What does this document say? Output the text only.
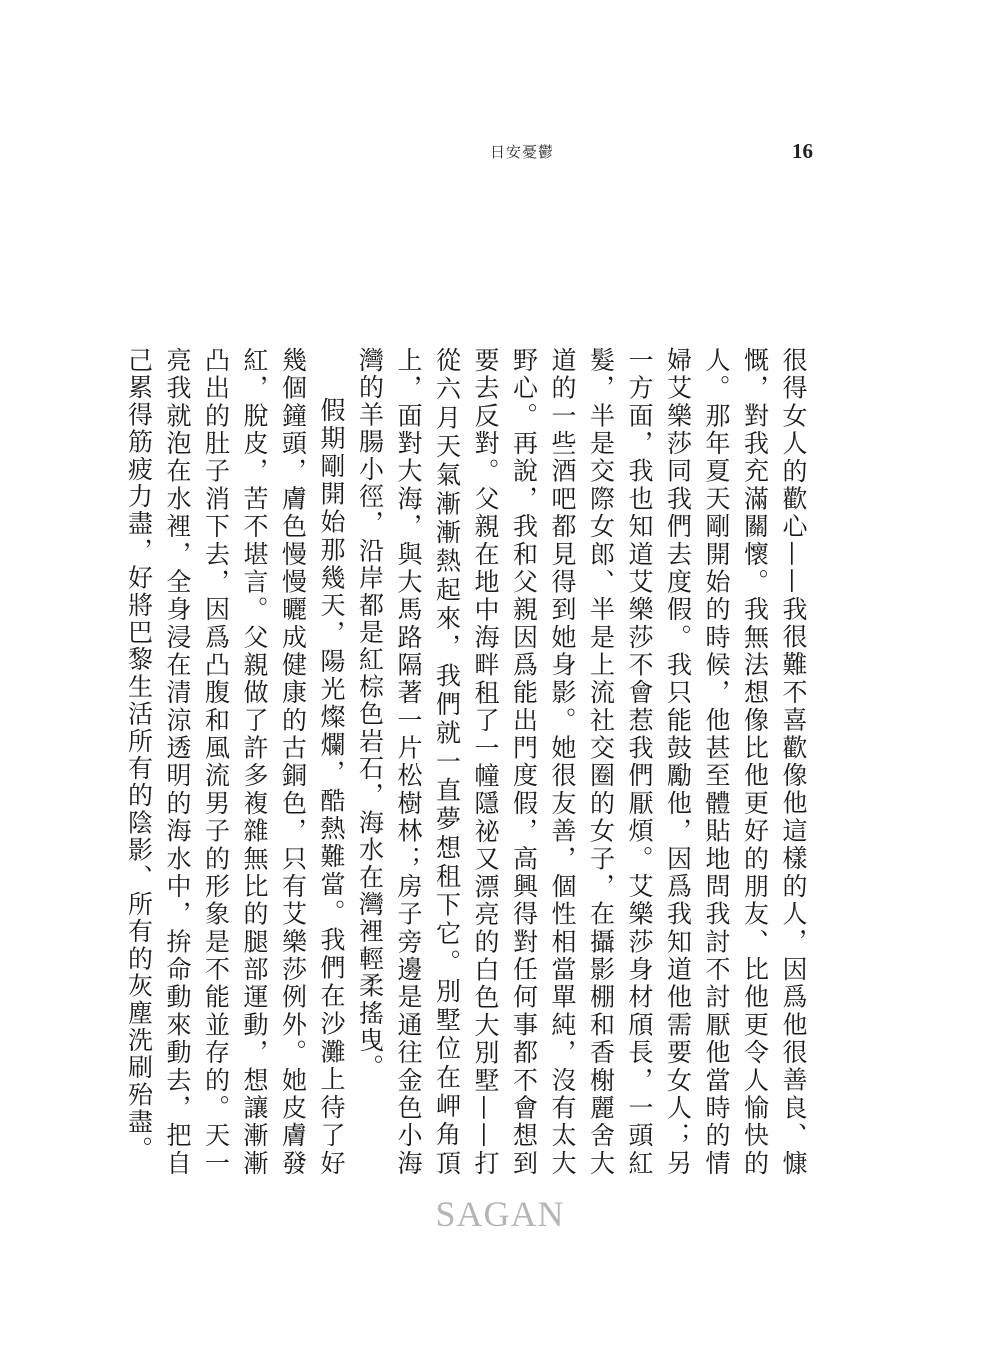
日安憂鬱	16

很得女人的歡心——我很難不喜歡像他這樣的人，因爲他很善良、慷慨，對我充滿關懷。我無法想像比他更好的朋友、比他更令人愉快的人。那年夏天剛開始的時候，他甚至體貼地問我討不討厭他當時的情婦艾樂莎同我們去度假。我只能鼓勵他，因爲我知道他需要女人；另一方面，我也知道艾樂莎不會惹我們厭煩。艾樂莎身材頎長，一頭紅髮，半是交際女郎、半是上流社交圈的女子，在攝影棚和香榭麗舍大道的一些酒吧都見得到她身影。她很友善，個性相當單純，沒有太大野心。再說，我和父親因爲能出門度假，高興得對任何事都不會想到要去反對。父親在地中海畔租了一幢隱祕又漂亮的白色大別墅——打從六月天氣漸漸熱起來，我們就一直夢想租下它。別墅位在岬角頂上，面對大海，與大馬路隔著一片松樹林；房子旁邊是通往金色小海灣的羊腸小徑，沿岸都是紅棕色岩石，海水在灣裡輕柔搖曳。

假期剛開始那幾天，陽光燦爛，酷熱難當。我們在沙灘上待了好幾個鐘頭，膚色慢慢曬成健康的古銅色，只有艾樂莎例外。她皮膚發紅，脫皮，苦不堪言。父親做了許多複雜無比的腿部運動，想讓漸漸凸出的肚子消下去，因爲凸腹和風流男子的形象是不能並存的。天一亮我就泡在水裡，全身浸在清涼透明的海水中，拚命動來動去，把自己累得筋疲力盡，好將巴黎生活所有的陰影、所有的灰塵洗刷殆盡。

SAGAN
